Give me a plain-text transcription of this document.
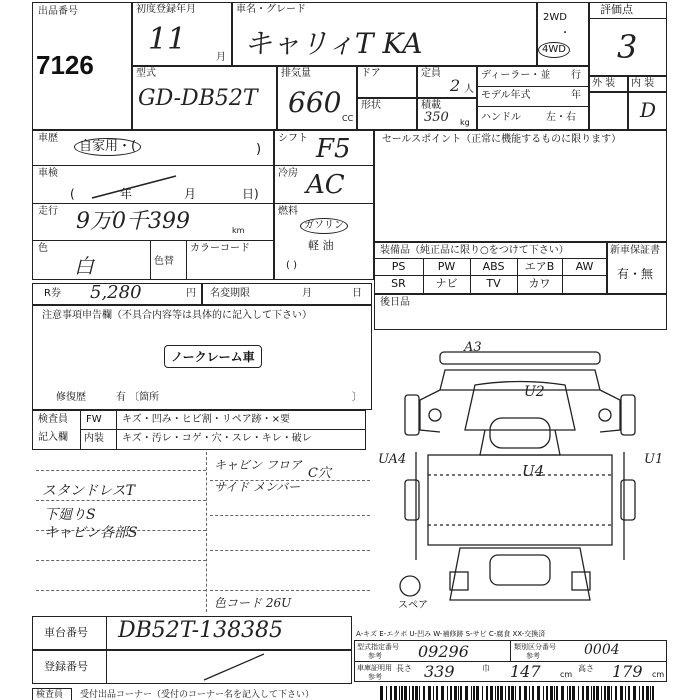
出品番号
7126
初度登録年月
11
月
車名・グレード
キャリィT KA
2WD
・
4WD
評価点
3
外 装 内 装
D
型式
GD-DB52T
排気量
660 CC
ドア
形状
定員
2 人
積載
350 kg
ディーラー・並 行
モデル年式	年
ハンドル	左・右
車歴
自家用・(	)
車検
(	年	月	日)
走行 9万0千399	km
色
白	色替
カラーコード
シフト F5
冷房 AC
燃料
ガソリン
軽 油
( )
セールスポイント（正常に機能するものに限ります）
装備品（純正品に限り○をつけて下さい）
PS	PW	ABS	エアB	AW
SR	ナビ	TV	カワ
新車保証書
有・無
R券 5,280	円 名変期限	月	日
後日品
注意事項申告欄（不具合内容等は具体的に記入して下さい）
ノークレーム車
修復歴	有 〔箇所	〕
検査員
記入欄
FW キズ・凹み・ヒビ割・リペア跡・×要
内装 キズ・汚レ・コゲ・穴・スレ・キレ・破レ
スタンドレスT
下廻りS
キャビン各部S
キャビン フロア
サイド メンバー
C穴
色コード 26U
A3
U2
UA4
U4
U1
スペア
車台番号 DB52T-138385
登録番号
A-キズ E-エクボ U-凹み W-補修跡 S-サビ C-腐食 XX-交換済
型式指定番号
参考 09296	類別区分番号
参考	0004
車庫証明用
参考
長さ 339	巾 147 cm
高さ 179 cm
検査員 受付出品コーナー（受付のコーナー名を記入して下さい）
